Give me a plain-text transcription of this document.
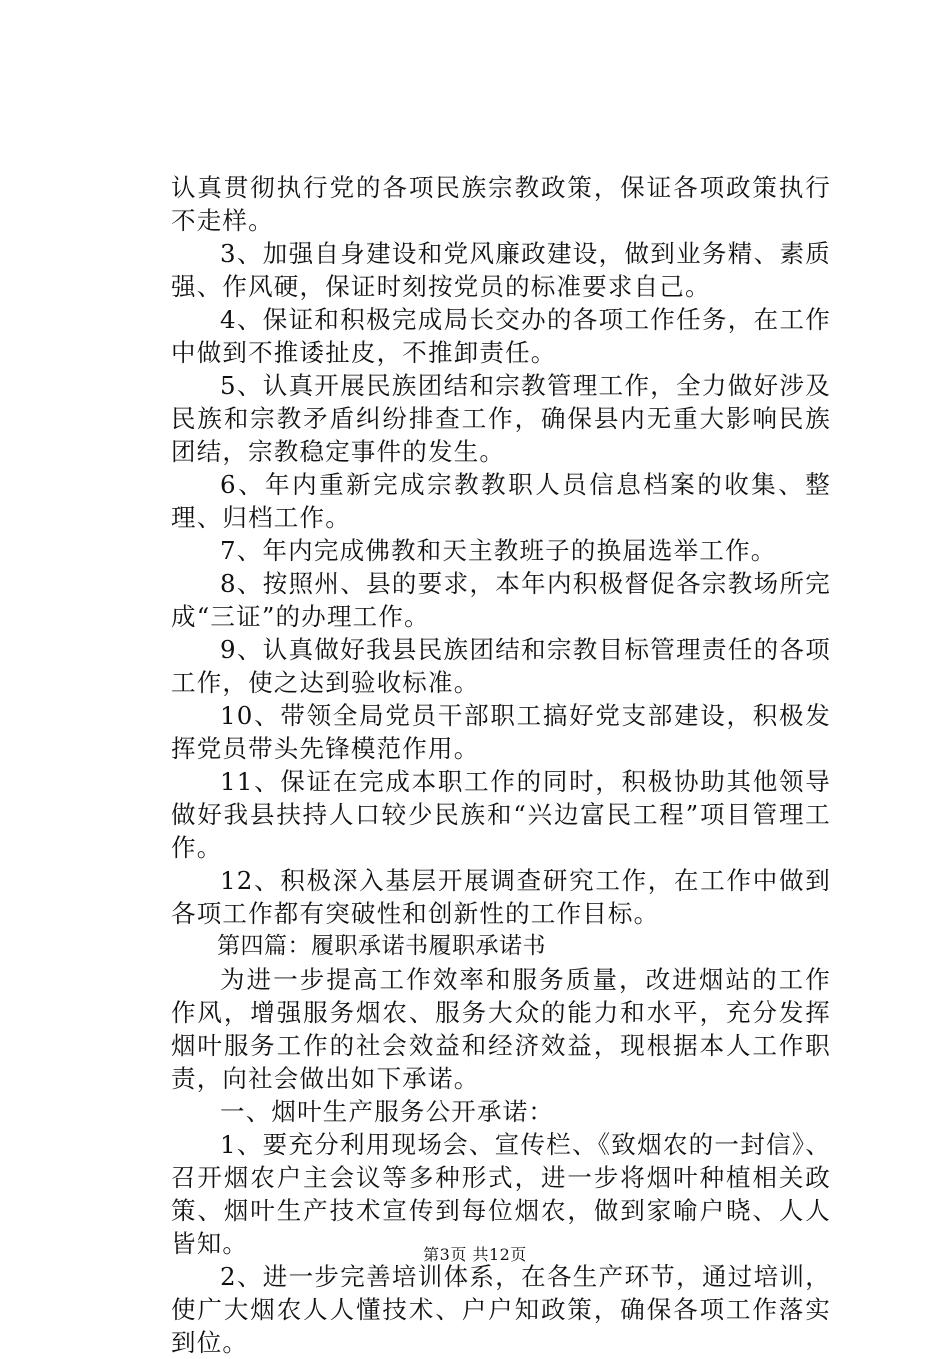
认真贯彻执行党的各项民族宗教政策，保证各项政策执行不走样。

3、加强自身建设和党风廉政建设，做到业务精、素质强、作风硬，保证时刻按党员的标准要求自己。

4、保证和积极完成局长交办的各项工作任务，在工作中做到不推诿扯皮，不推卸责任。

5、认真开展民族团结和宗教管理工作，全力做好涉及民族和宗教矛盾纠纷排查工作，确保县内无重大影响民族团结，宗教稳定事件的发生。

6、年内重新完成宗教教职人员信息档案的收集、整理、归档工作。

7、年内完成佛教和天主教班子的换届选举工作。

8、按照州、县的要求，本年内积极督促各宗教场所完成“三证”的办理工作。

9、认真做好我县民族团结和宗教目标管理责任的各项工作，使之达到验收标准。

10、带领全局党员干部职工搞好党支部建设，积极发挥党员带头先锋模范作用。

11、保证在完成本职工作的同时，积极协助其他领导做好我县扶持人口较少民族和“兴边富民工程”项目管理工作。

12、积极深入基层开展调查研究工作，在工作中做到各项工作都有突破性和创新性的工作目标。

第四篇：履职承诺书履职承诺书

为进一步提高工作效率和服务质量，改进烟站的工作作风，增强服务烟农、服务大众的能力和水平，充分发挥烟叶服务工作的社会效益和经济效益，现根据本人工作职责，向社会做出如下承诺。

一、烟叶生产服务公开承诺：

1、要充分利用现场会、宣传栏、《致烟农的一封信》、召开烟农户主会议等多种形式，进一步将烟叶种植相关政策、烟叶生产技术宣传到每位烟农，做到家喻户晓、人人皆知。

2、进一步完善培训体系，在各生产环节，通过培训，使广大烟农人人懂技术、户户知政策，确保各项工作落实到位。

第3页 共12页
